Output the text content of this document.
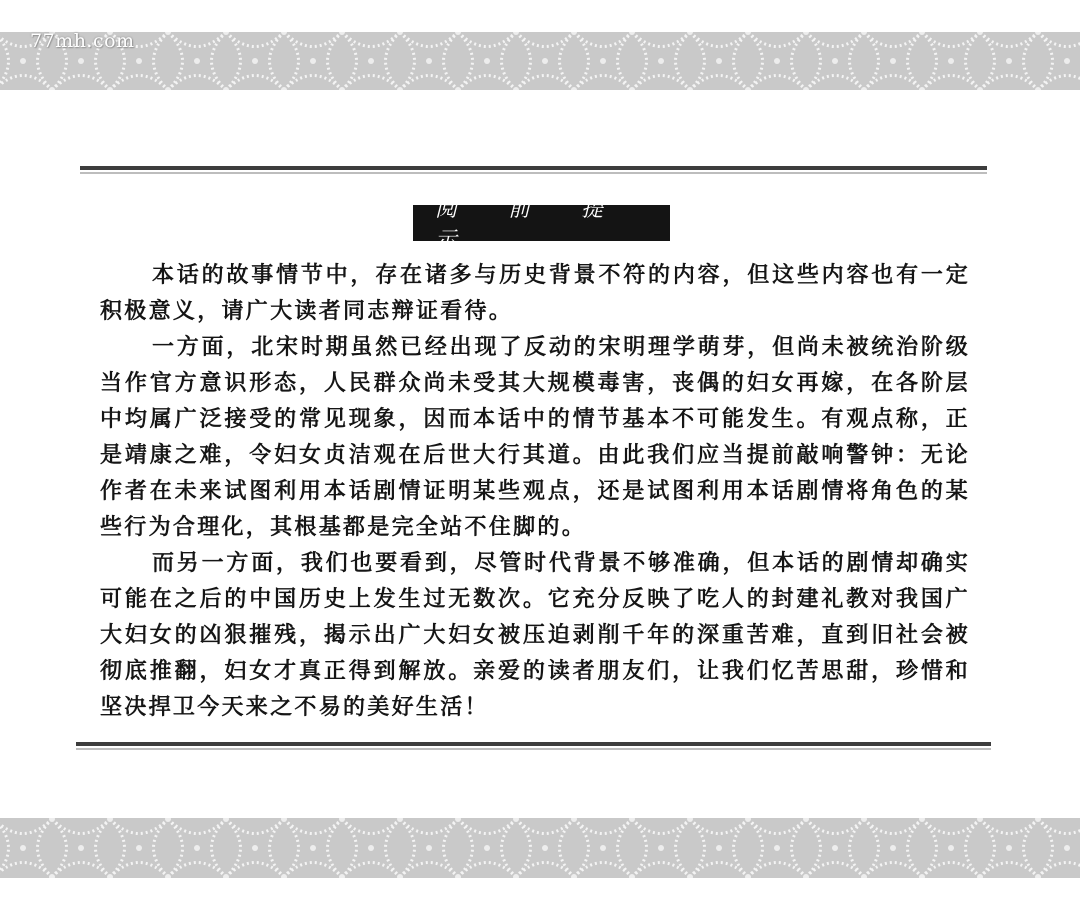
77mh.com
阅 前 提 示

本话的故事情节中，存在诸多与历史背景不符的内容，但这些内容也有一定积极意义，请广大读者同志辩证看待。

一方面，北宋时期虽然已经出现了反动的宋明理学萌芽，但尚未被统治阶级当作官方意识形态，人民群众尚未受其大规模毒害，丧偶的妇女再嫁，在各阶层中均属广泛接受的常见现象，因而本话中的情节基本不可能发生。有观点称，正是靖康之难，令妇女贞洁观在后世大行其道。由此我们应当提前敲响警钟：无论作者在未来试图利用本话剧情证明某些观点，还是试图利用本话剧情将角色的某些行为合理化，其根基都是完全站不住脚的。

而另一方面，我们也要看到，尽管时代背景不够准确，但本话的剧情却确实可能在之后的中国历史上发生过无数次。它充分反映了吃人的封建礼教对我国广大妇女的凶狠摧残，揭示出广大妇女被压迫剥削千年的深重苦难，直到旧社会被彻底推翻，妇女才真正得到解放。亲爱的读者朋友们，让我们忆苦思甜，珍惜和坚决捍卫今天来之不易的美好生活！
